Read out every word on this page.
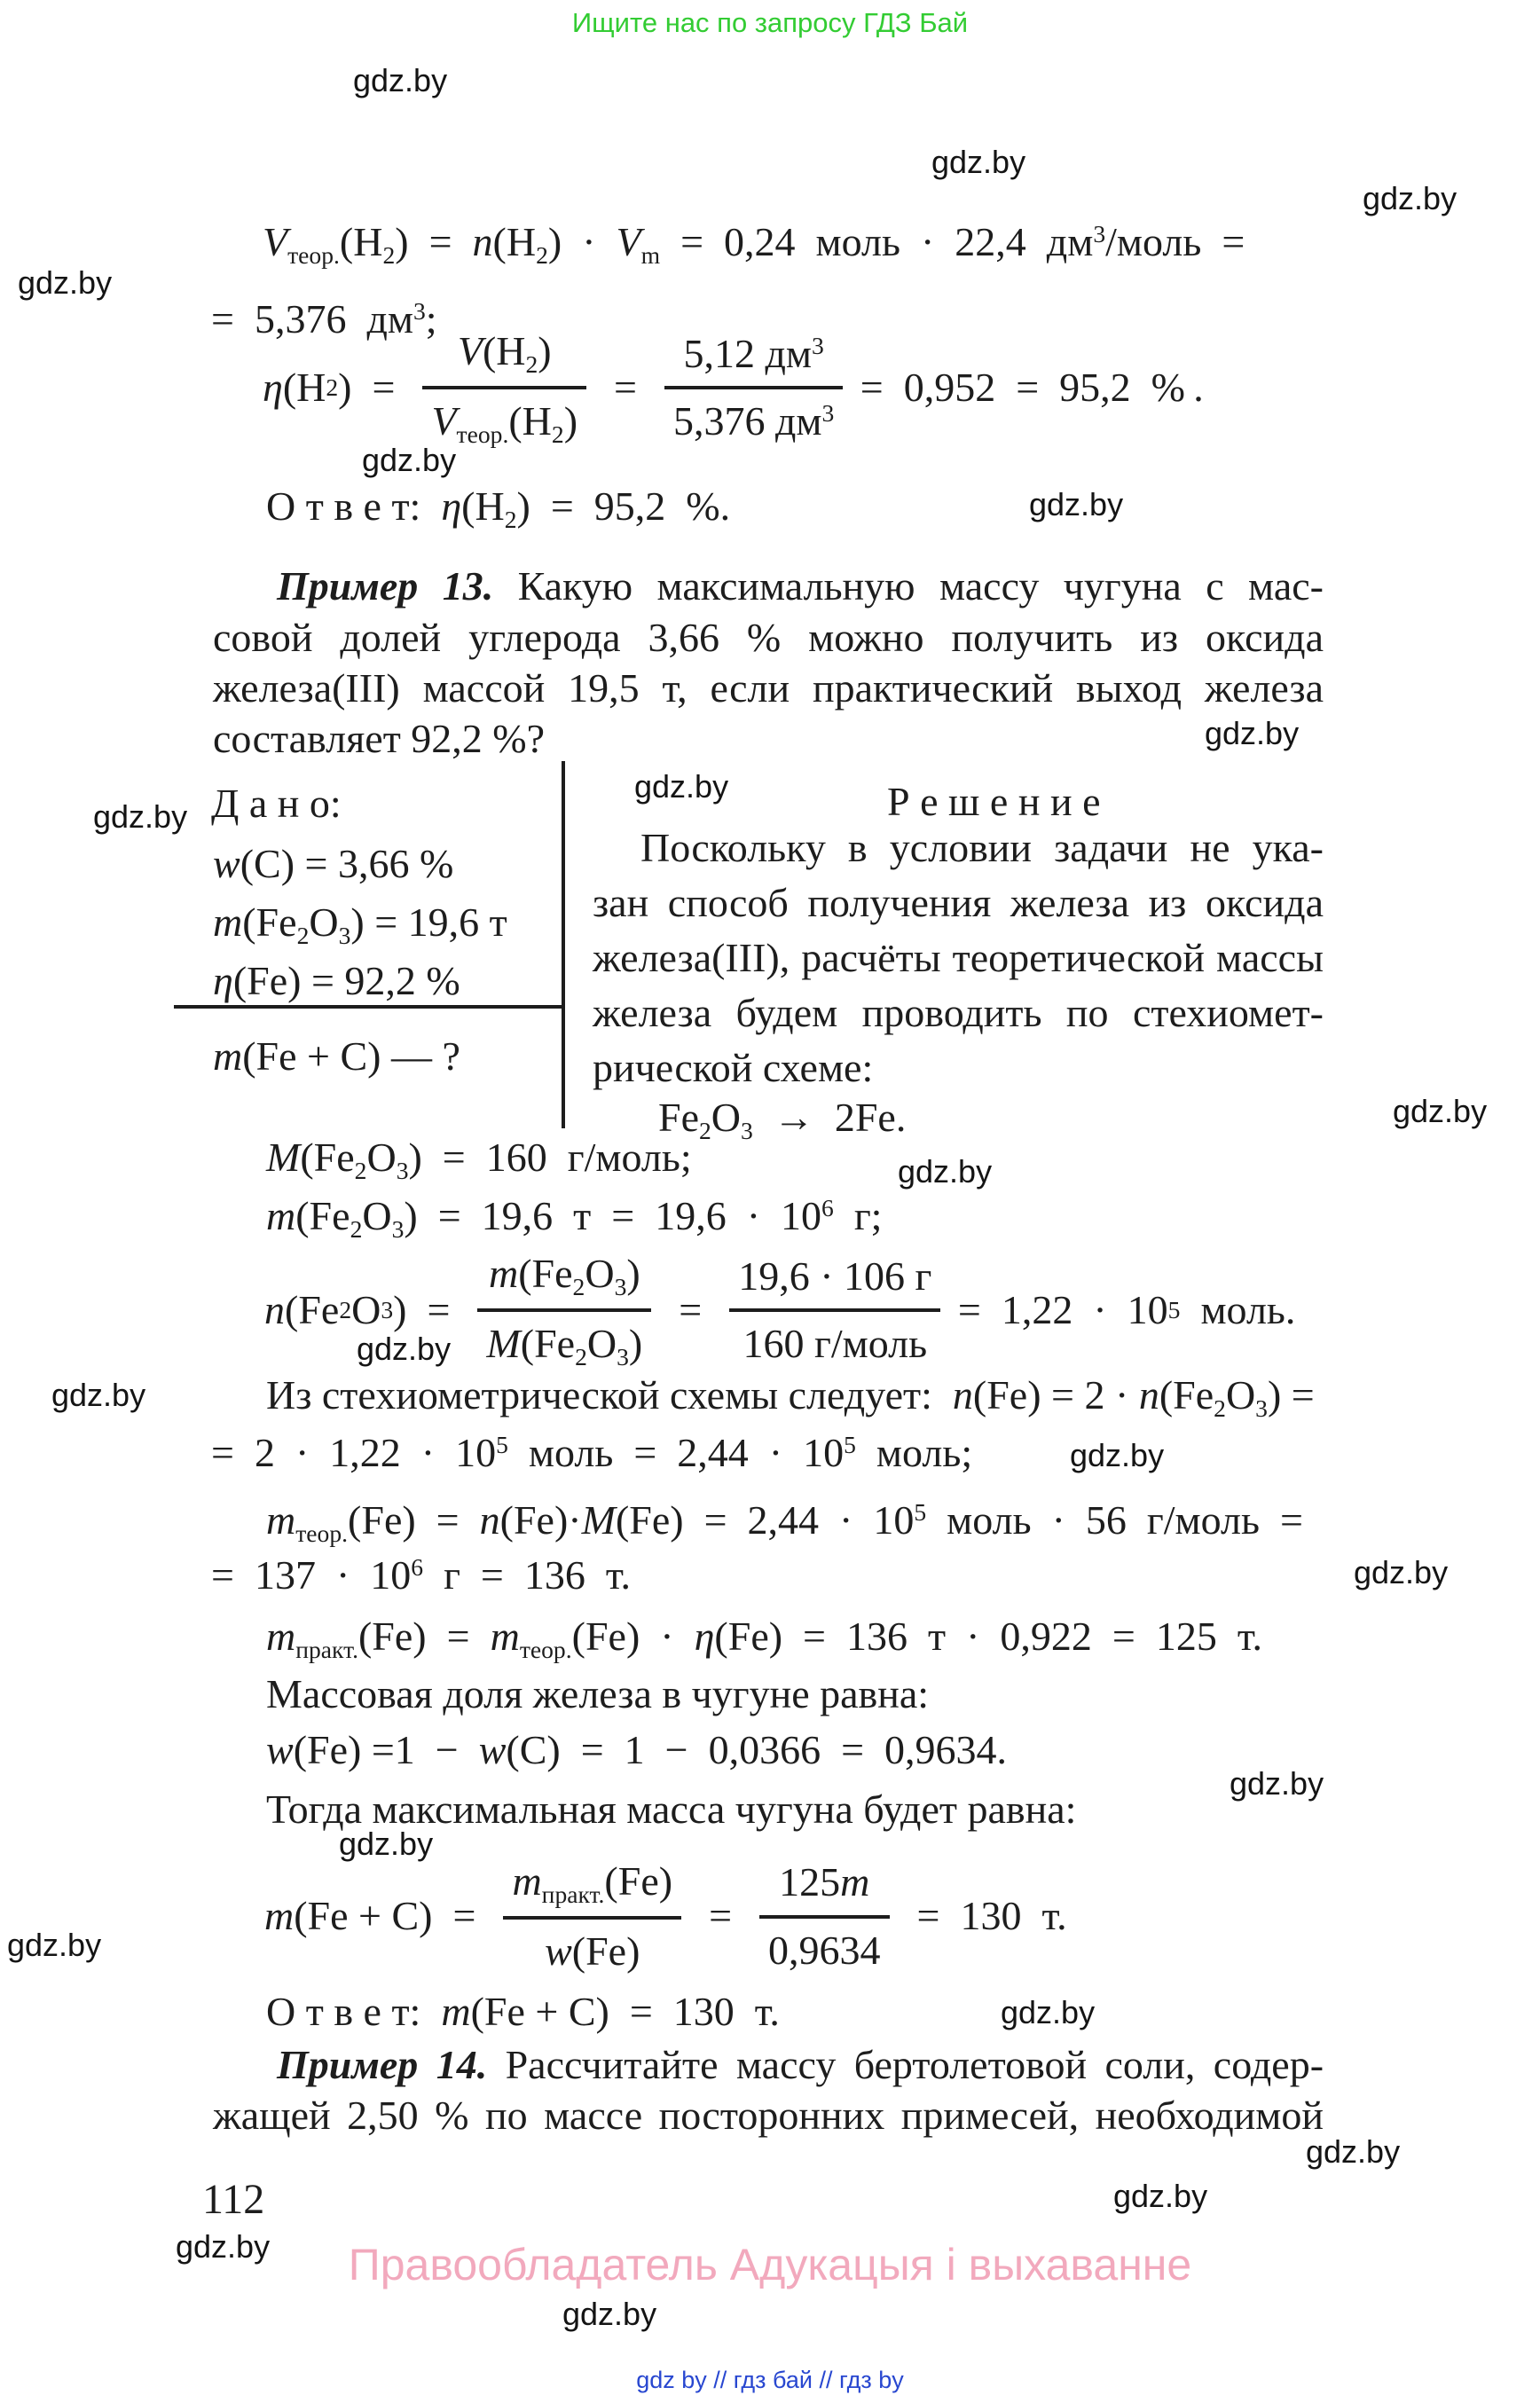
Ищите нас по запросу ГДЗ Бай
gdz.by
gdz.by
gdz.by
gdz.by
gdz.by
gdz.by
gdz.by
gdz.by
gdz.by
gdz.by
gdz.by
gdz.by
gdz.by
gdz.by
gdz.by
gdz.by
gdz.by
gdz.by
gdz.by
gdz.by
gdz.by
gdz.by
gdz.by
Vтеор.(H2)  =  n(H2)  ·  Vm  =  0,24  моль  ·  22,4  $дм^3$/моль  =
=  5,376  $дм^3$;
η (H 2 )  = $\frac{V(H2)}{\text{Vтеор.(H2)}} = \frac{5,12 дм^3}{5,376 дм^3} = 0,952 = 95,2$  % .
О т в е т:  η(H2)  =  95,2  %.
Пример 13. Какую максимальную массу чугуна с мас-
совой долей углерода 3,66 % можно получить из оксида
железа(III) массой 19,5 т, если практический выход железа
составляет 92,2 %?
Д а н о:
w(C) = 3,66 %
m(Fe2O3) = 19,6 т
η(Fe) = 92,2 %
m(Fe + C) — ?
Р е ш е н и е
Поскольку в условии задачи не ука-
зан способ получения железа из оксида
железа(III), расчёты теоретической массы
железа будем проводить по стехиомет-
рической схеме:
Fe2O3  →  2Fe.
M(Fe2O3)  =  160  г/моль;
m(Fe2O3)  =  19,6  $т = 19,6 \cdot 10^6$  г;
n (Fe 2 O 3 )  = $\frac{m(Fe2O3)}{M(Fe2O3)} = \frac{19,6 \cdot 106 г}{\text{160 г/моль}} = 1,22 \cdot 10$ 5 моль.
Из стехиометрической схемы следует:  n(Fe) = 2 · n(Fe2O3) =
=  $2 \cdot 1,22 \cdot 10^5$  моль  =  $2,44 \cdot 10^5$  моль;
mтеор.(Fe)  =  $n(Fe)\cdot M(Fe) = 2,44 \cdot 10^5$  моль  ·  56  г/моль  =
=  $137 \cdot 10^6$  г  =  136  т.
mпракт.(Fe)  =  mтеор.(Fe)  ·  η(Fe)  =  136  т  ·  0,922  =  125  т.
Массовая доля железа в чугуне равна:
w(Fe) =1  −  w(C)  =  1  −  0,0366  =  0,9634.
Тогда максимальная масса чугуна будет равна:
m $(Fe + C) = \frac{\text{mпракт.(Fe)}}{w(Fe)} = \frac{125m}{0,9634} = 130$  т.
О т в е т:  m(Fe + C)  =  130  т.
Пример 14. Рассчитайте массу бертолетовой соли, содер-
жащей 2,50 % по массе посторонних примесей, необходимой
112
Правообладатель Адукацыя і выхаванне
gdz by // гдз бай // гдз by
